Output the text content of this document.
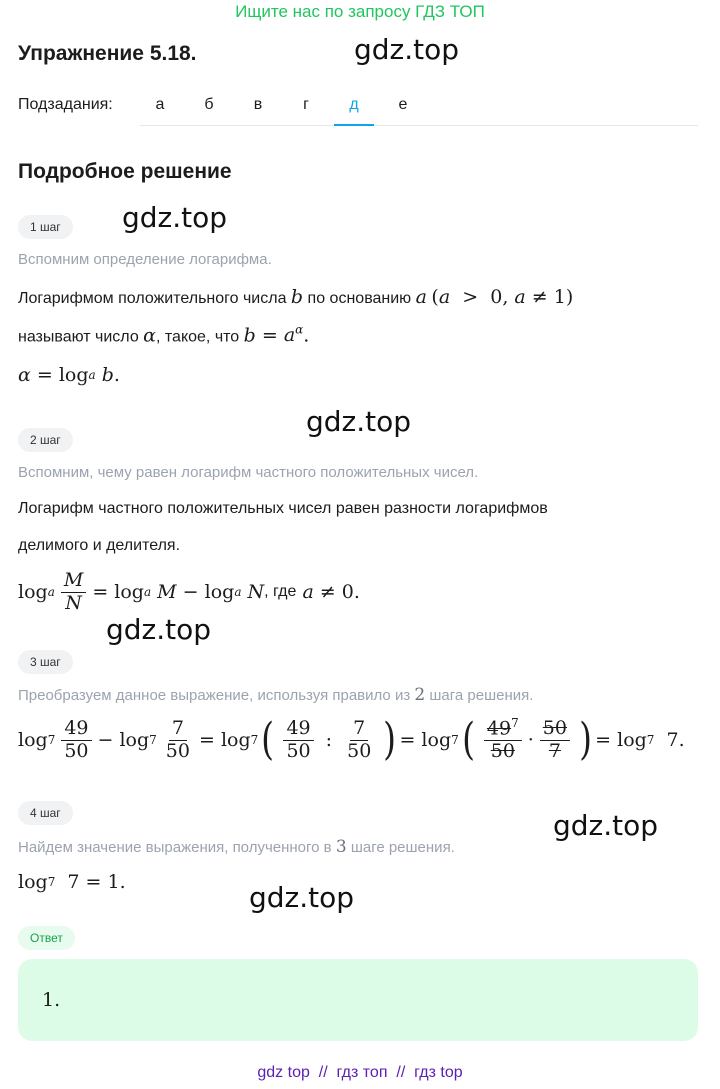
Ищите нас по запросу ГДЗ ТОП
gdz.top
Упражнение 5.18.
Подзадания:	а	б	в	г	д	е
Подробное решение
1 шаг	gdz.top
Вспомним определение логарифма.
Логарифмом положительного числа b по основанию a (a  >  0, a ≠ 1)
называют число α, такое, что $b = a^\alpha$.
α = log a
b .
gdz.top
2 шаг
Вспомним, чему равен логарифм частного положительных чисел.
Логарифм частного положительных чисел равен разности логарифмов
делимого и делителя.
log a $\frac{M}{N} = \log a$
M − log a
N , где
a ≠ 0.
gdz.top
3 шаг
Преобразуем данное выражение, используя правило из 2 шага решения.
$\log 7 \frac{49}{50} - \log 7 \frac{7}{50} = \log 7$ ( $\frac{49}{50}$ : $\frac{7}{50}$ ) = log 7 ( $\frac{49^7}{50} \cdot \frac{50}{7}$ ) = log 7 7.
4 шаг	gdz.top
Найдем значение выражения, полученного в 3 шаге решения.
log 7 7 = 1.	gdz.top
Ответ
1.
gdz top  //  гдз топ  //  гдз top
